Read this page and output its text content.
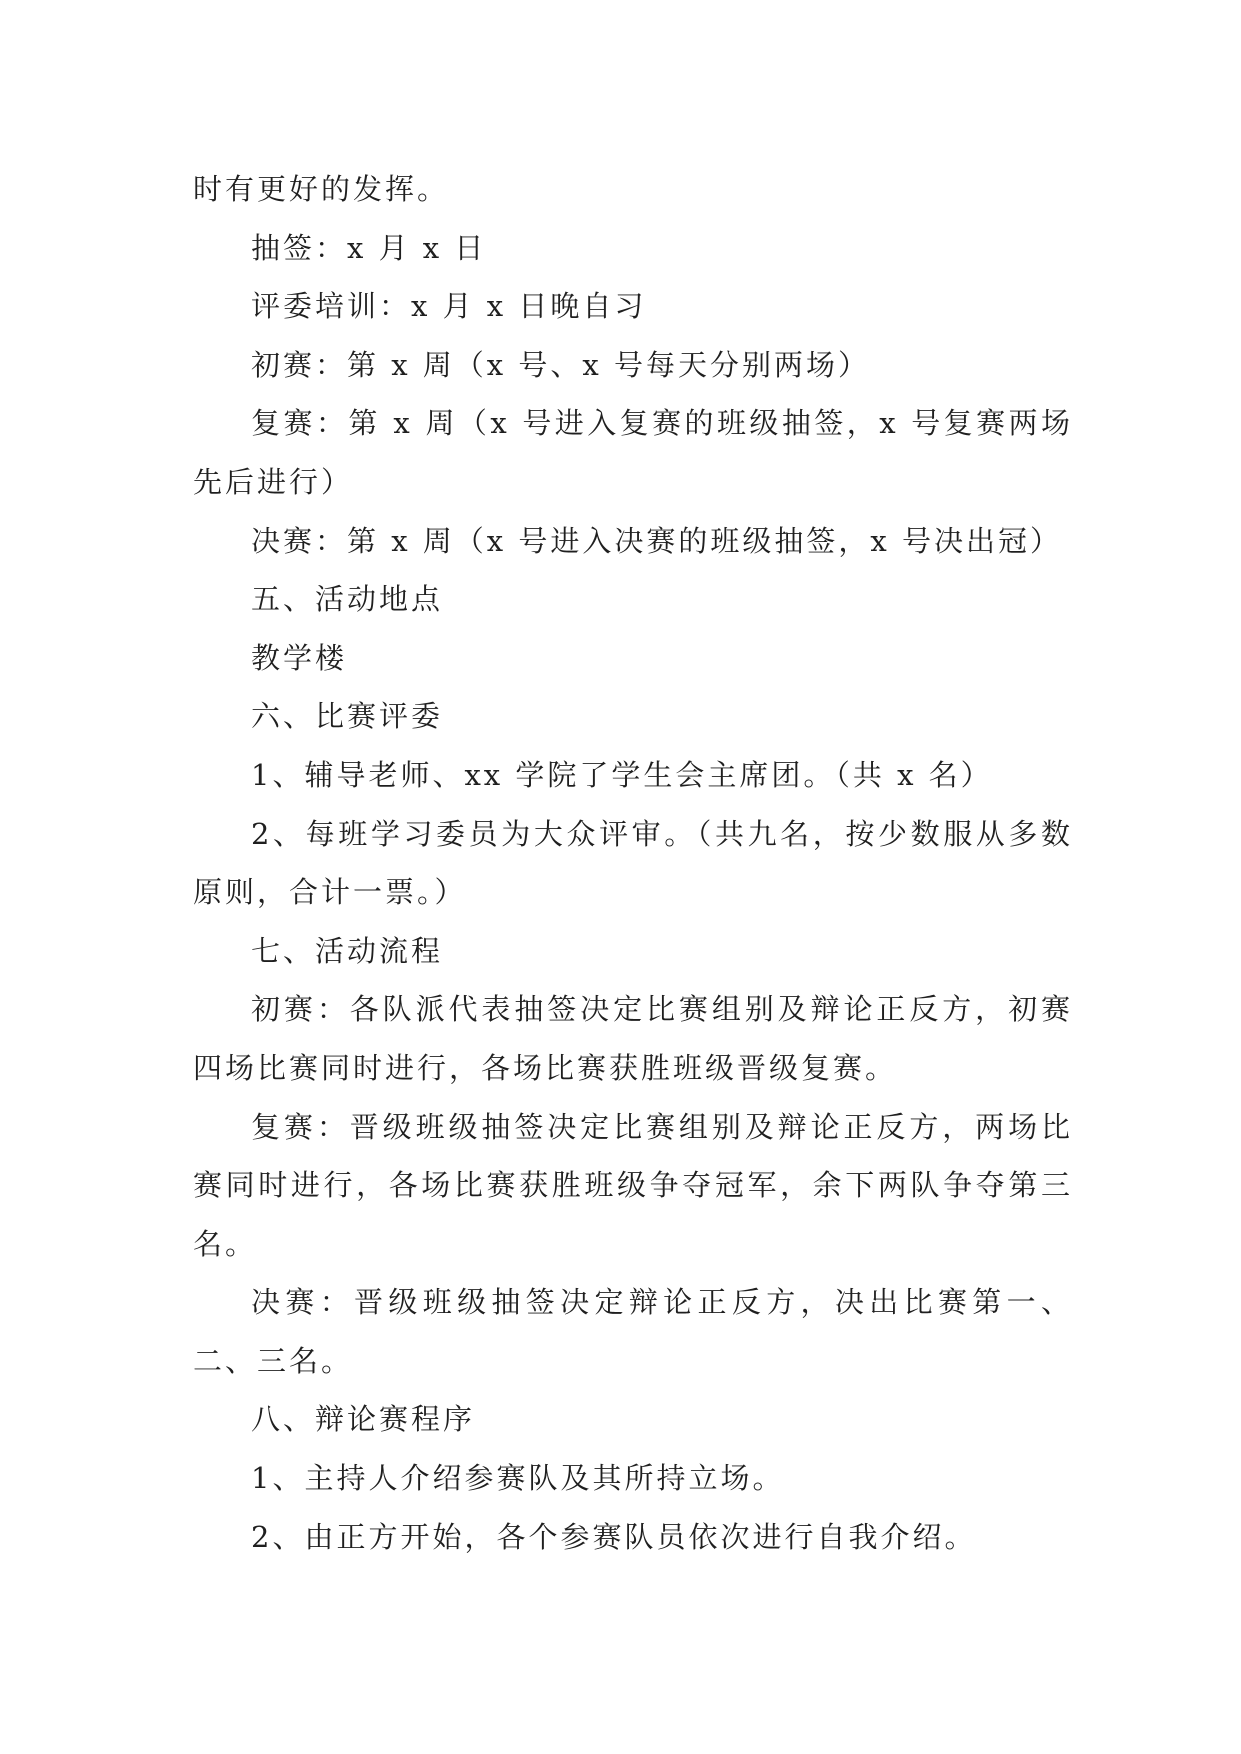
时有更好的发挥。

抽签：x 月 x 日

评委培训：x 月 x 日晚自习

初赛：第 x 周（x 号、x 号每天分别两场）

复赛：第 x 周（x 号进入复赛的班级抽签，x 号复赛两场先后进行）

决赛：第 x 周（x 号进入决赛的班级抽签，x 号决出冠）

五、活动地点

教学楼

六、比赛评委

1、辅导老师、xx 学院了学生会主席团。（共 x 名）

2、每班学习委员为大众评审。（共九名，按少数服从多数原则，合计一票。）

七、活动流程

初赛：各队派代表抽签决定比赛组别及辩论正反方，初赛四场比赛同时进行，各场比赛获胜班级晋级复赛。

复赛：晋级班级抽签决定比赛组别及辩论正反方，两场比赛同时进行，各场比赛获胜班级争夺冠军，余下两队争夺第三名。

决赛：晋级班级抽签决定辩论正反方，决出比赛第一、二、三名。

八、辩论赛程序

1、主持人介绍参赛队及其所持立场。

2、由正方开始，各个参赛队员依次进行自我介绍。
